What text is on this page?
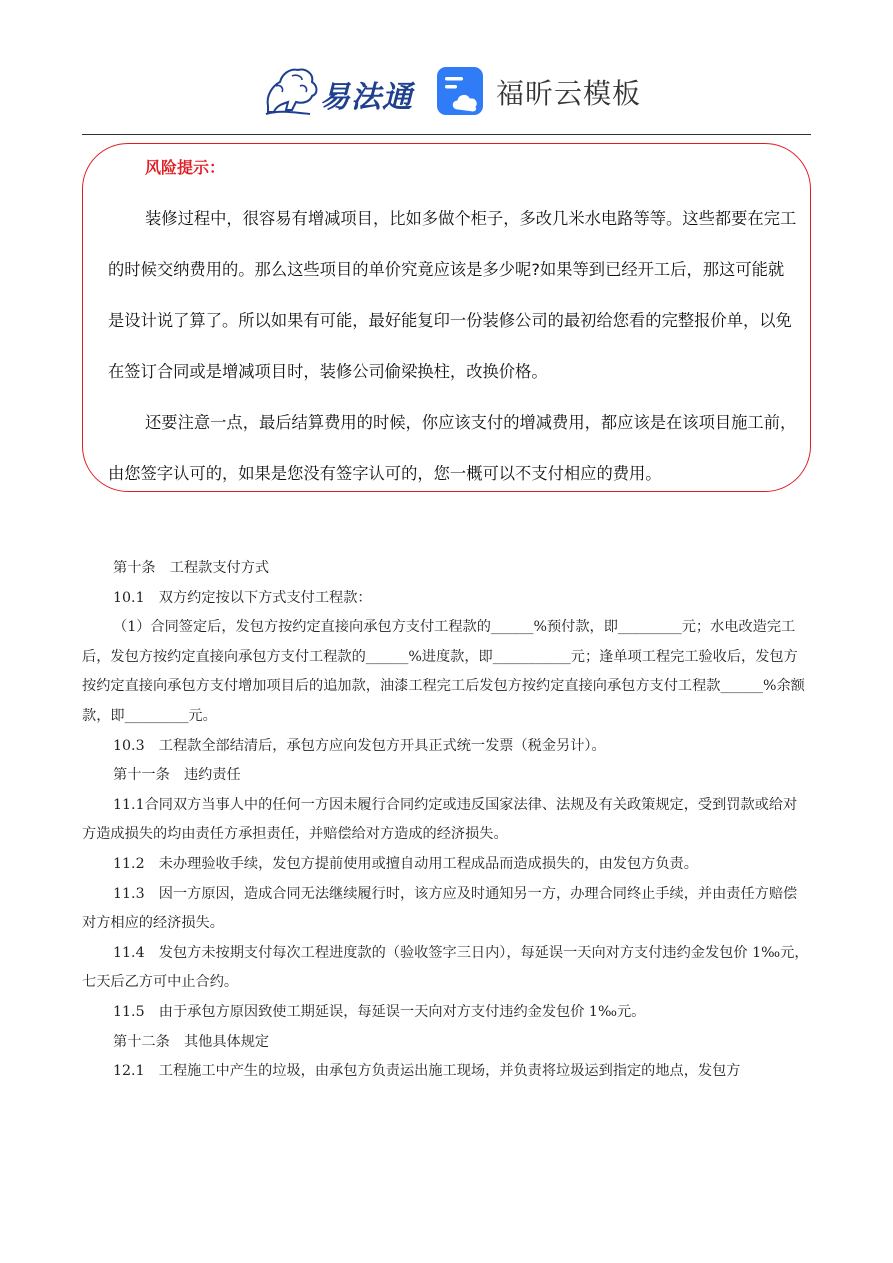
易法通	福昕云模板
风险提示：

装修过程中，很容易有增减项目，比如多做个柜子，多改几米水电路等等。这些都要在完工的时候交纳费用的。那么这些项目的单价究竟应该是多少呢?如果等到已经开工后，那这可能就是设计说了算了。所以如果有可能，最好能复印一份装修公司的最初给您看的完整报价单，以免在签订合同或是增减项目时，装修公司偷梁换柱，改换价格。

还要注意一点，最后结算费用的时候，你应该支付的增减费用，都应该是在该项目施工前，由您签字认可的，如果是您没有签字认可的，您一概可以不支付相应的费用。

第十条　工程款支付方式

10.1　双方约定按以下方式支付工程款：

（1）合同签定后，发包方按约定直接向承包方支付工程款的______%预付款，即_________元；水电改造完工后，发包方按约定直接向承包方支付工程款的______%进度款，即___________元；逢单项工程完工验收后，发包方按约定直接向承包方支付增加项目后的追加款，油漆工程完工后发包方按约定直接向承包方支付工程款______%余额款，即_________元。

10.3　工程款全部结清后，承包方应向发包方开具正式统一发票（税金另计）。

第十一条　违约责任

11.1合同双方当事人中的任何一方因未履行合同约定或违反国家法律、法规及有关政策规定，受到罚款或给对方造成损失的均由责任方承担责任，并赔偿给对方造成的经济损失。

11.2　未办理验收手续，发包方提前使用或擅自动用工程成品而造成损失的，由发包方负责。

11.3　因一方原因，造成合同无法继续履行时，该方应及时通知另一方，办理合同终止手续，并由责任方赔偿对方相应的经济损失。

11.4　发包方未按期支付每次工程进度款的（验收签字三日内），每延误一天向对方支付违约金发包价 1‰元，七天后乙方可中止合约。

11.5　由于承包方原因致使工期延误，每延误一天向对方支付违约金发包价 1‰元。

第十二条　其他具体规定

12.1　工程施工中产生的垃圾，由承包方负责运出施工现场，并负责将垃圾运到指定的地点，发包方
